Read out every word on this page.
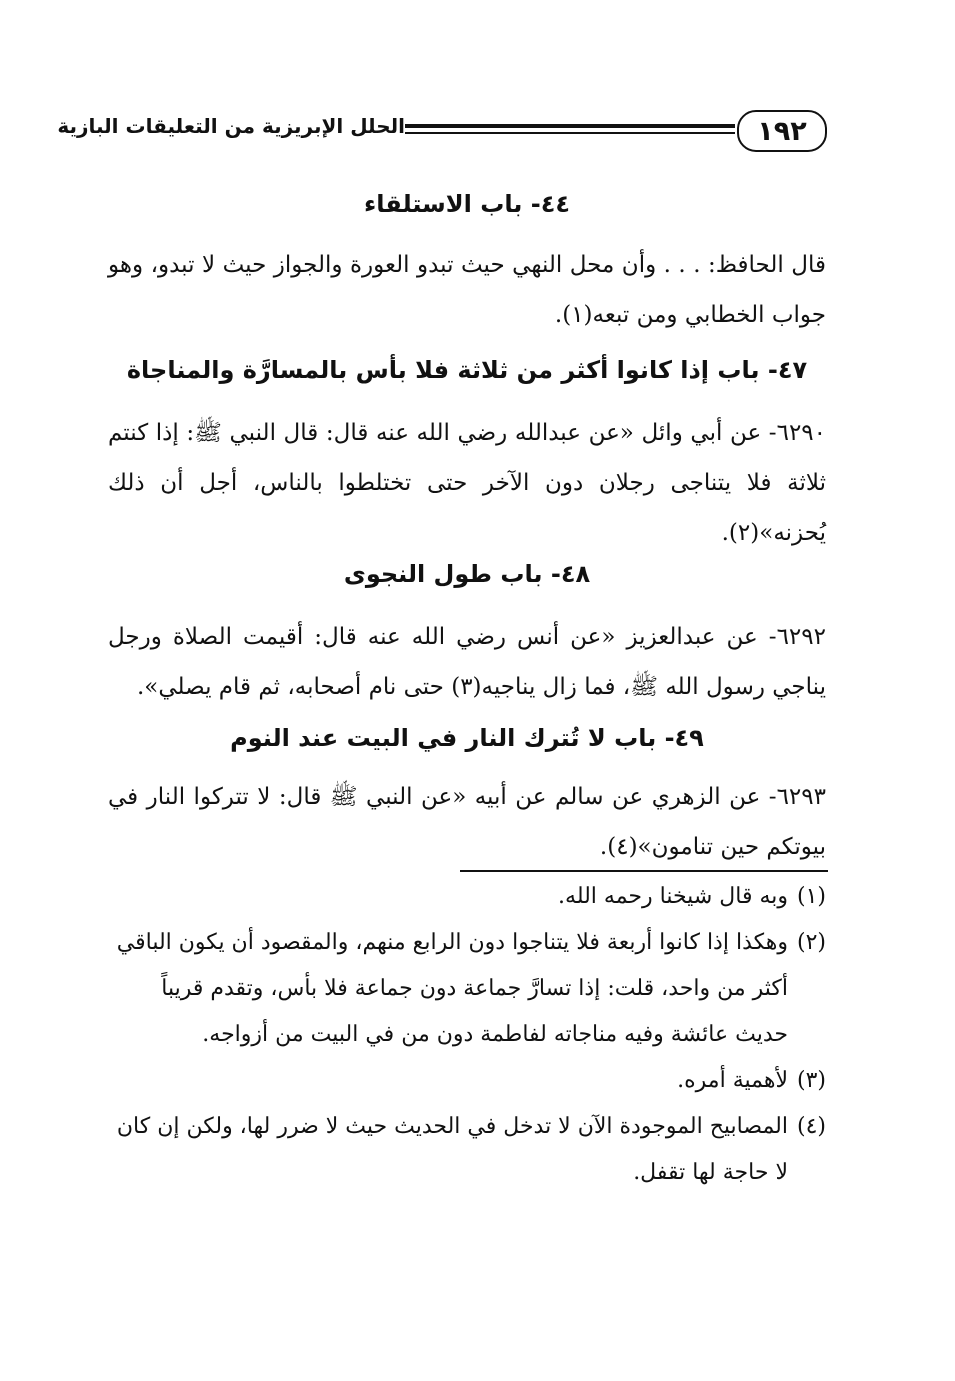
١٩٢
الحلل الإبريزية من التعليقات البازية
٤٤- باب الاستلقاء
قال الحافظ: . . . وأن محل النهي حيث تبدو العورة والجواز حيث لا تبدو، وهو جواب الخطابي ومن تبعه(١).
٤٧- باب إذا كانوا أكثر من ثلاثة فلا بأس بالمسارَّة والمناجاة
٦٢٩٠- عن أبي وائل «عن عبدالله رضي الله عنه قال: قال النبي ﷺ: إذا كنتم ثلاثة فلا يتناجى رجلان دون الآخر حتى تختلطوا بالناس، أجل أن ذلك يُحزنه»(٢).
٤٨- باب طول النجوى
٦٢٩٢- عن عبدالعزيز «عن أنس رضي الله عنه قال: أقيمت الصلاة ورجل يناجي رسول الله ﷺ، فما زال يناجيه(٣) حتى نام أصحابه، ثم قام يصلي».
٤٩- باب لا تُترك النار في البيت عند النوم
٦٢٩٣- عن الزهري عن سالم عن أبيه «عن النبي ﷺ قال: لا تتركوا النار في بيوتكم حين تنامون»(٤).
(١)
وبه قال شيخنا رحمه الله.
(٢)
وهكذا إذا كانوا أربعة فلا يتناجوا دون الرابع منهم، والمقصود أن يكون الباقي أكثر من واحد، قلت: إذا تسارَّ جماعة دون جماعة فلا بأس، وتقدم قريباً حديث عائشة وفيه مناجاته لفاطمة دون من في البيت من أزواجه.
(٣)
لأهمية أمره.
(٤)
المصابيح الموجودة الآن لا تدخل في الحديث حيث لا ضرر لها، ولكن إن كان لا حاجة لها تقفل.
